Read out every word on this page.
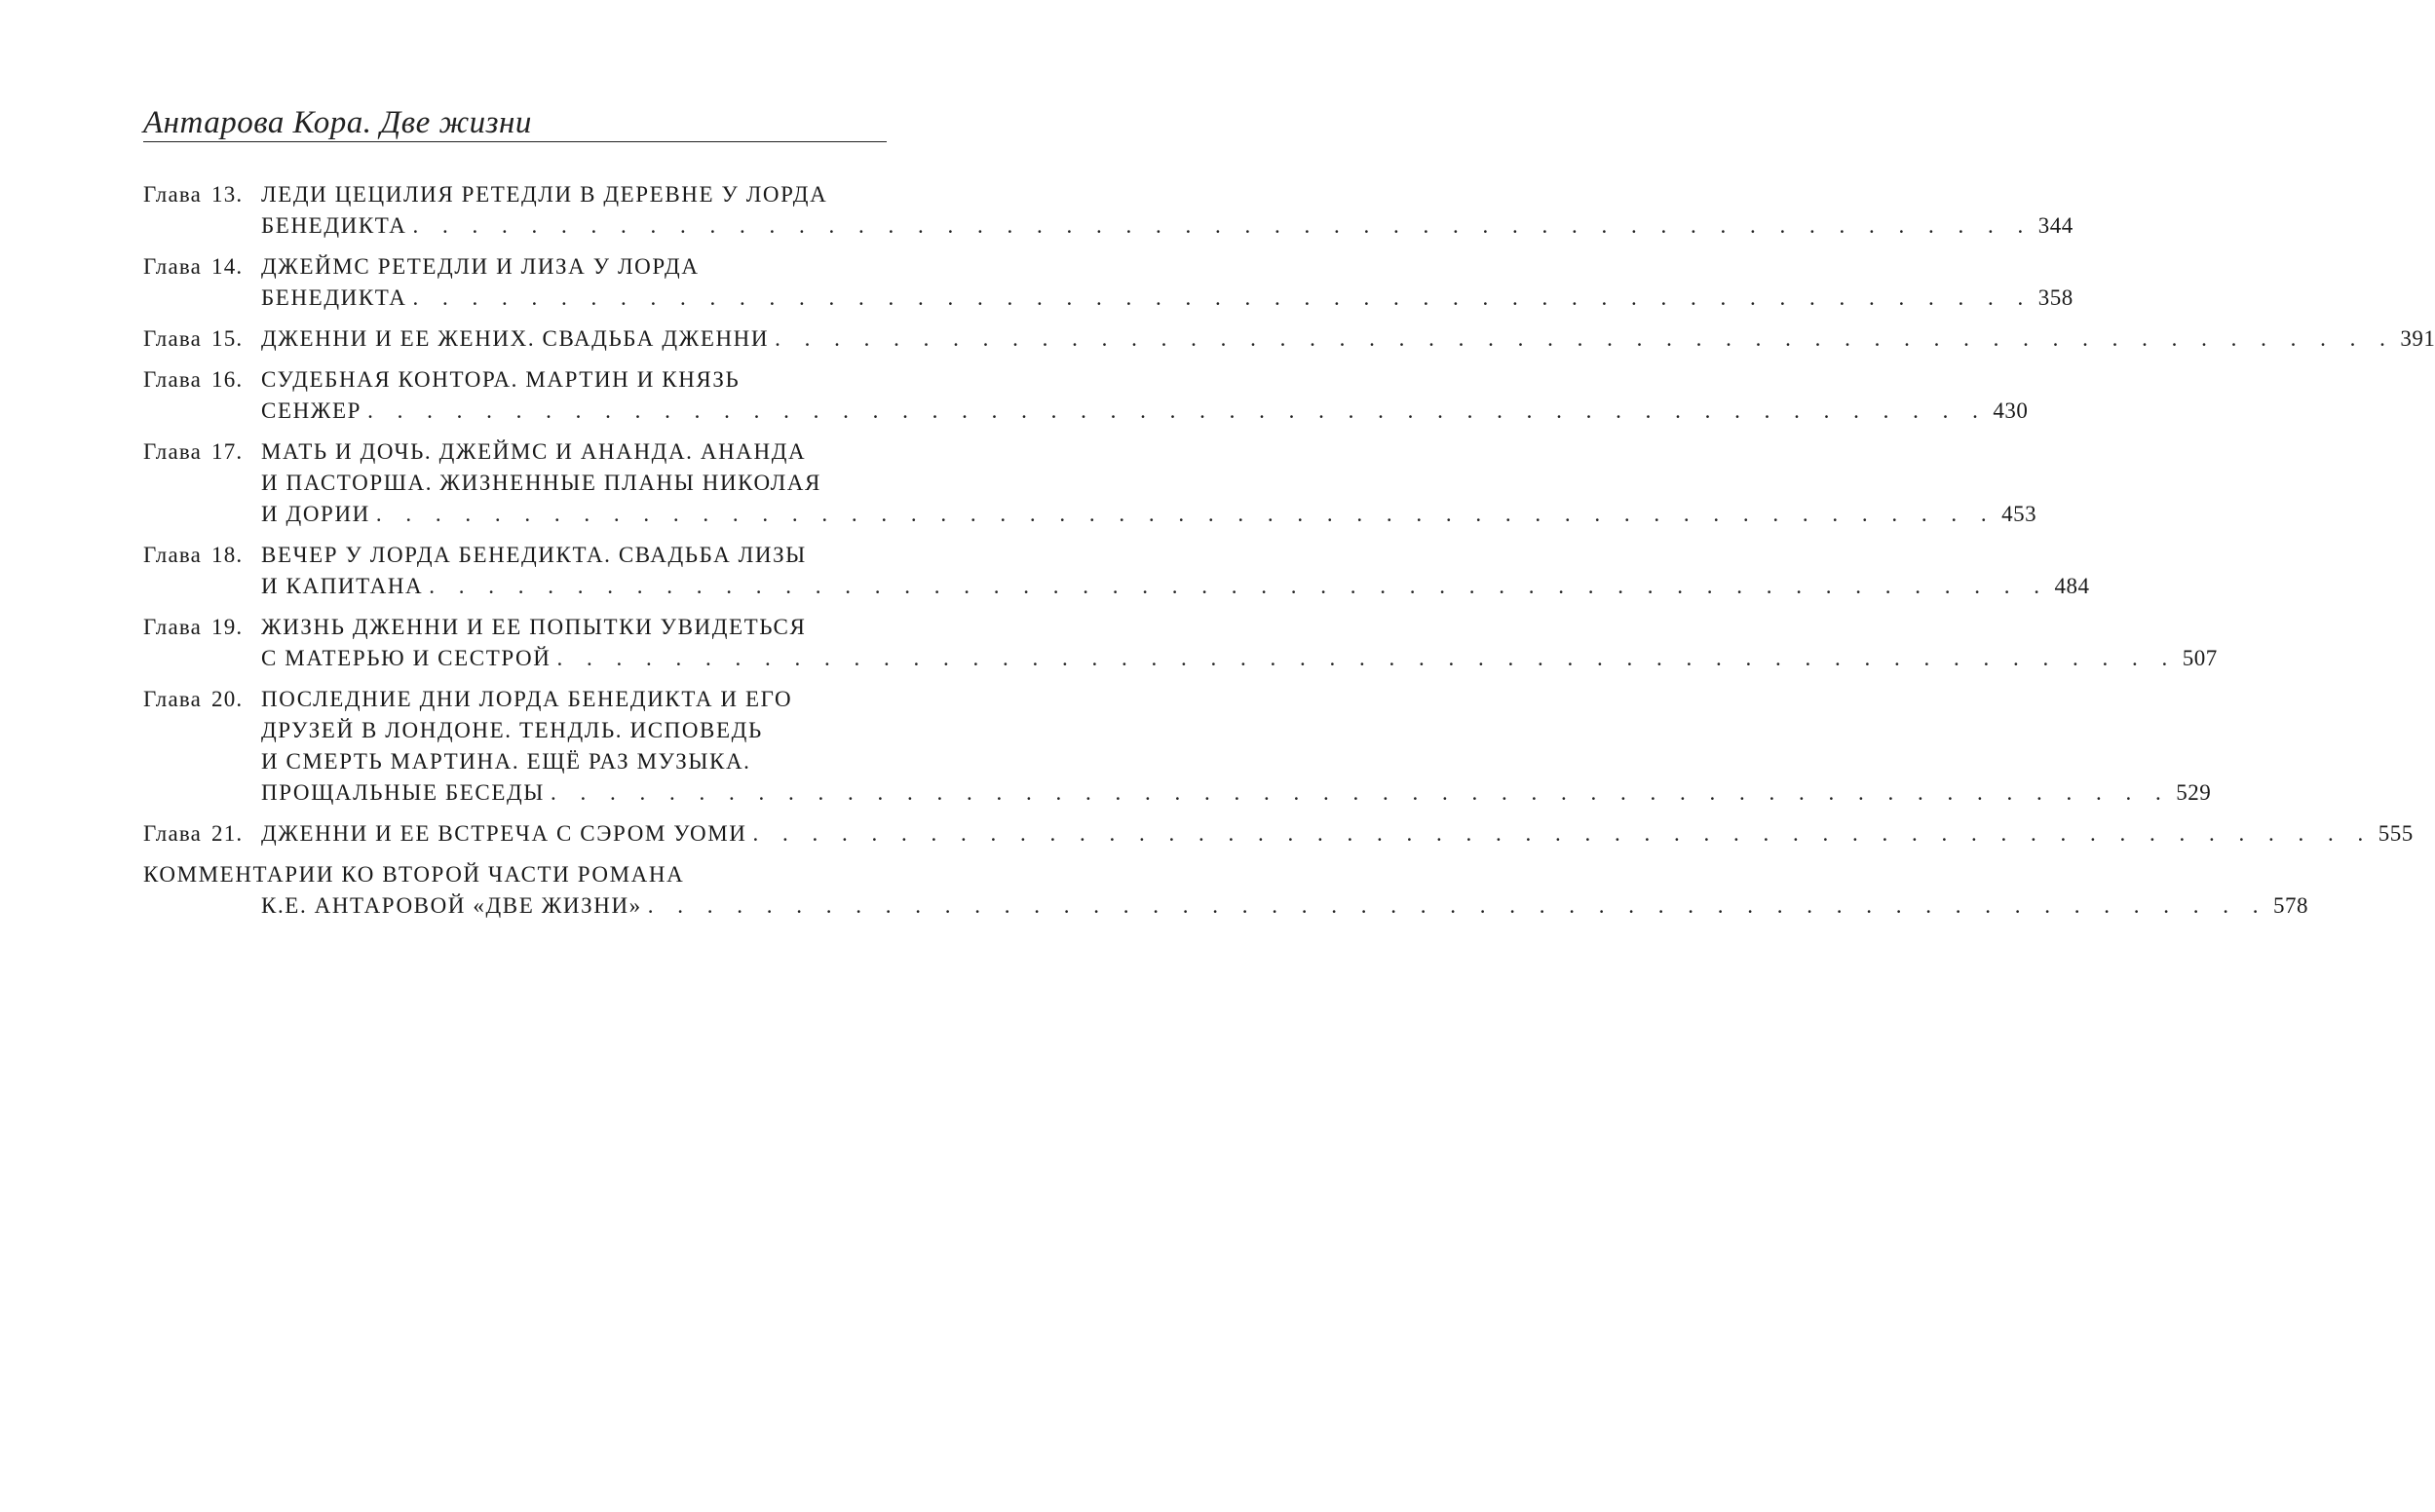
Антарова Кора. Две жизни
Глава 13. ЛЕДИ ЦЕЦИЛИЯ РЕТЕДЛИ В ДЕРЕВНЕ У ЛОРДА
БЕНЕДИКТА . . . . . . . . . . . . . . . . . . . . . . . . . . . . . . . . . . . . . . . . . . . . . . . . . . . . . . . 344
Глава 14. ДЖЕЙМС РЕТЕДЛИ И ЛИЗА У ЛОРДА
БЕНЕДИКТА . . . . . . . . . . . . . . . . . . . . . . . . . . . . . . . . . . . . . . . . . . . . . . . . . . . . . . . 358
Глава 15. ДЖЕННИ И ЕЕ ЖЕНИХ. СВАДЬБА ДЖЕННИ . . . . . . . . . . . . . . . . . . . . . . . . . . . . . . . . . . . . . . . . . . . . . . . . . . . . . . . 391
Глава 16. СУДЕБНАЯ КОНТОРА. МАРТИН И КНЯЗЬ
СЕНЖЕР . . . . . . . . . . . . . . . . . . . . . . . . . . . . . . . . . . . . . . . . . . . . . . . . . . . . . . . 430
Глава 17. МАТЬ И ДОЧЬ. ДЖЕЙМС И АНАНДА. АНАНДА
И ПАСТОРША. ЖИЗНЕННЫЕ ПЛАНЫ НИКОЛАЯ
И ДОРИИ . . . . . . . . . . . . . . . . . . . . . . . . . . . . . . . . . . . . . . . . . . . . . . . . . . . . . . . 453
Глава 18. ВЕЧЕР У ЛОРДА БЕНЕДИКТА. СВАДЬБА ЛИЗЫ
И КАПИТАНА . . . . . . . . . . . . . . . . . . . . . . . . . . . . . . . . . . . . . . . . . . . . . . . . . . . . . . . 484
Глава 19. ЖИЗНЬ ДЖЕННИ И ЕЕ ПОПЫТКИ УВИДЕТЬСЯ
С МАТЕРЬЮ И СЕСТРОЙ . . . . . . . . . . . . . . . . . . . . . . . . . . . . . . . . . . . . . . . . . . . . . . . . . . . . . . . 507
Глава 20. ПОСЛЕДНИЕ ДНИ ЛОРДА БЕНЕДИКТА И ЕГО
ДРУЗЕЙ В ЛОНДОНЕ. ТЕНДЛЬ. ИСПОВЕДЬ
И СМЕРТЬ МАРТИНА. ЕЩЁ РАЗ МУЗЫКА.
ПРОЩАЛЬНЫЕ БЕСЕДЫ . . . . . . . . . . . . . . . . . . . . . . . . . . . . . . . . . . . . . . . . . . . . . . . . . . . . . . . 529
Глава 21. ДЖЕННИ И ЕЕ ВСТРЕЧА С СЭРОМ УОМИ . . . . . . . . . . . . . . . . . . . . . . . . . . . . . . . . . . . . . . . . . . . . . . . . . . . . . . . 555
КОММЕНТАРИИ КО ВТОРОЙ ЧАСТИ РОМАНА
К.Е. АНТАРОВОЙ «ДВЕ ЖИЗНИ» . . . . . . . . . . . . . . . . . . . . . . . . . . . . . . . . . . . . . . . . . . . . . . . . . . . . . . . 578
